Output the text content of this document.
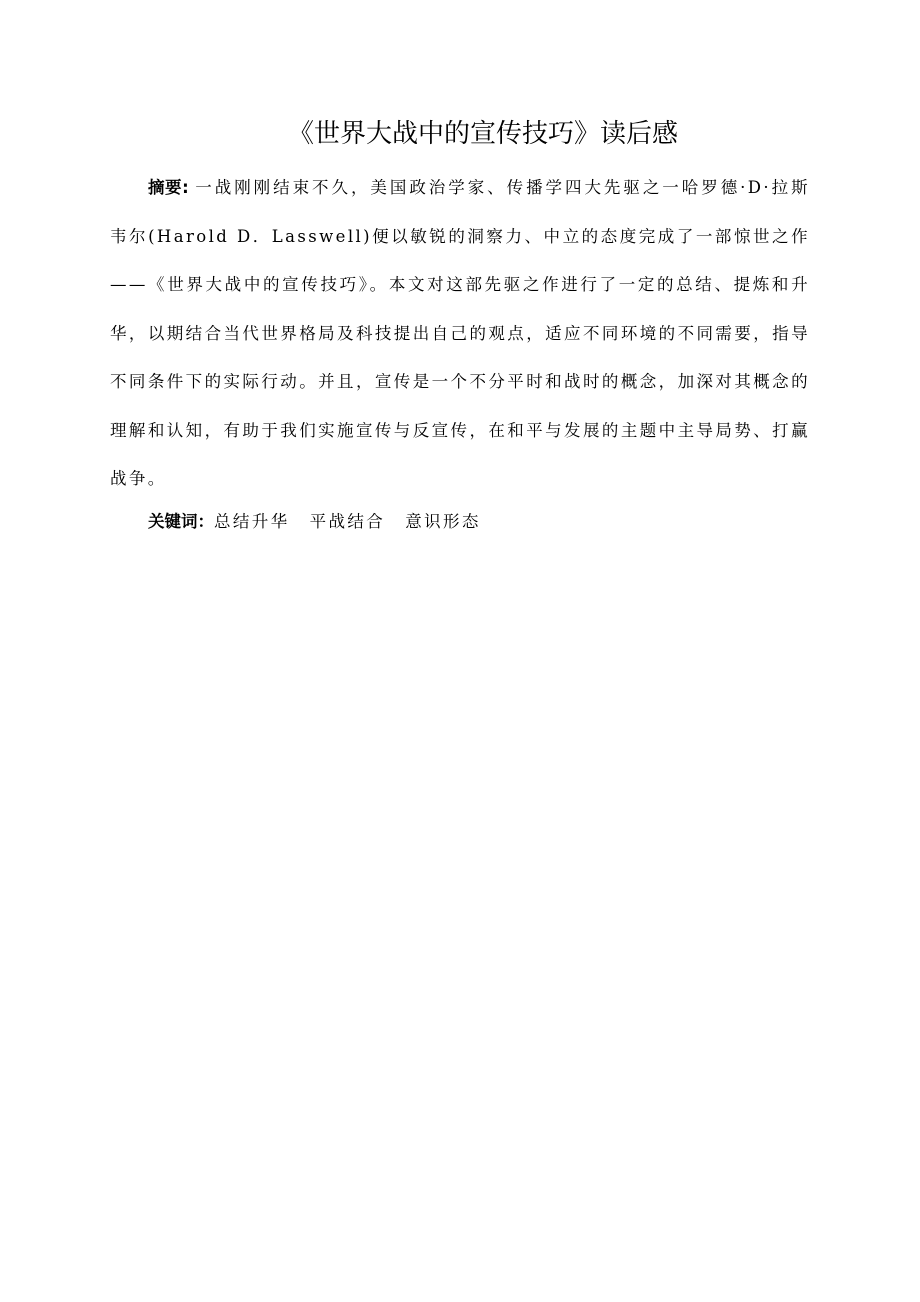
《世界大战中的宣传技巧》读后感

摘要: 一战刚刚结束不久，美国政治学家、传播学四大先驱之一哈罗德·D·拉斯韦尔(Harold D．Lasswell)便以敏锐的洞察力、中立的态度完成了一部惊世之作——《世界大战中的宣传技巧》。本文对这部先驱之作进行了一定的总结、提炼和升华，以期结合当代世界格局及科技提出自己的观点，适应不同环境的不同需要，指导不同条件下的实际行动。并且，宣传是一个不分平时和战时的概念，加深对其概念的理解和认知，有助于我们实施宣传与反宣传，在和平与发展的主题中主导局势、打赢战争。

关键词：总结升华 平战结合 意识形态
